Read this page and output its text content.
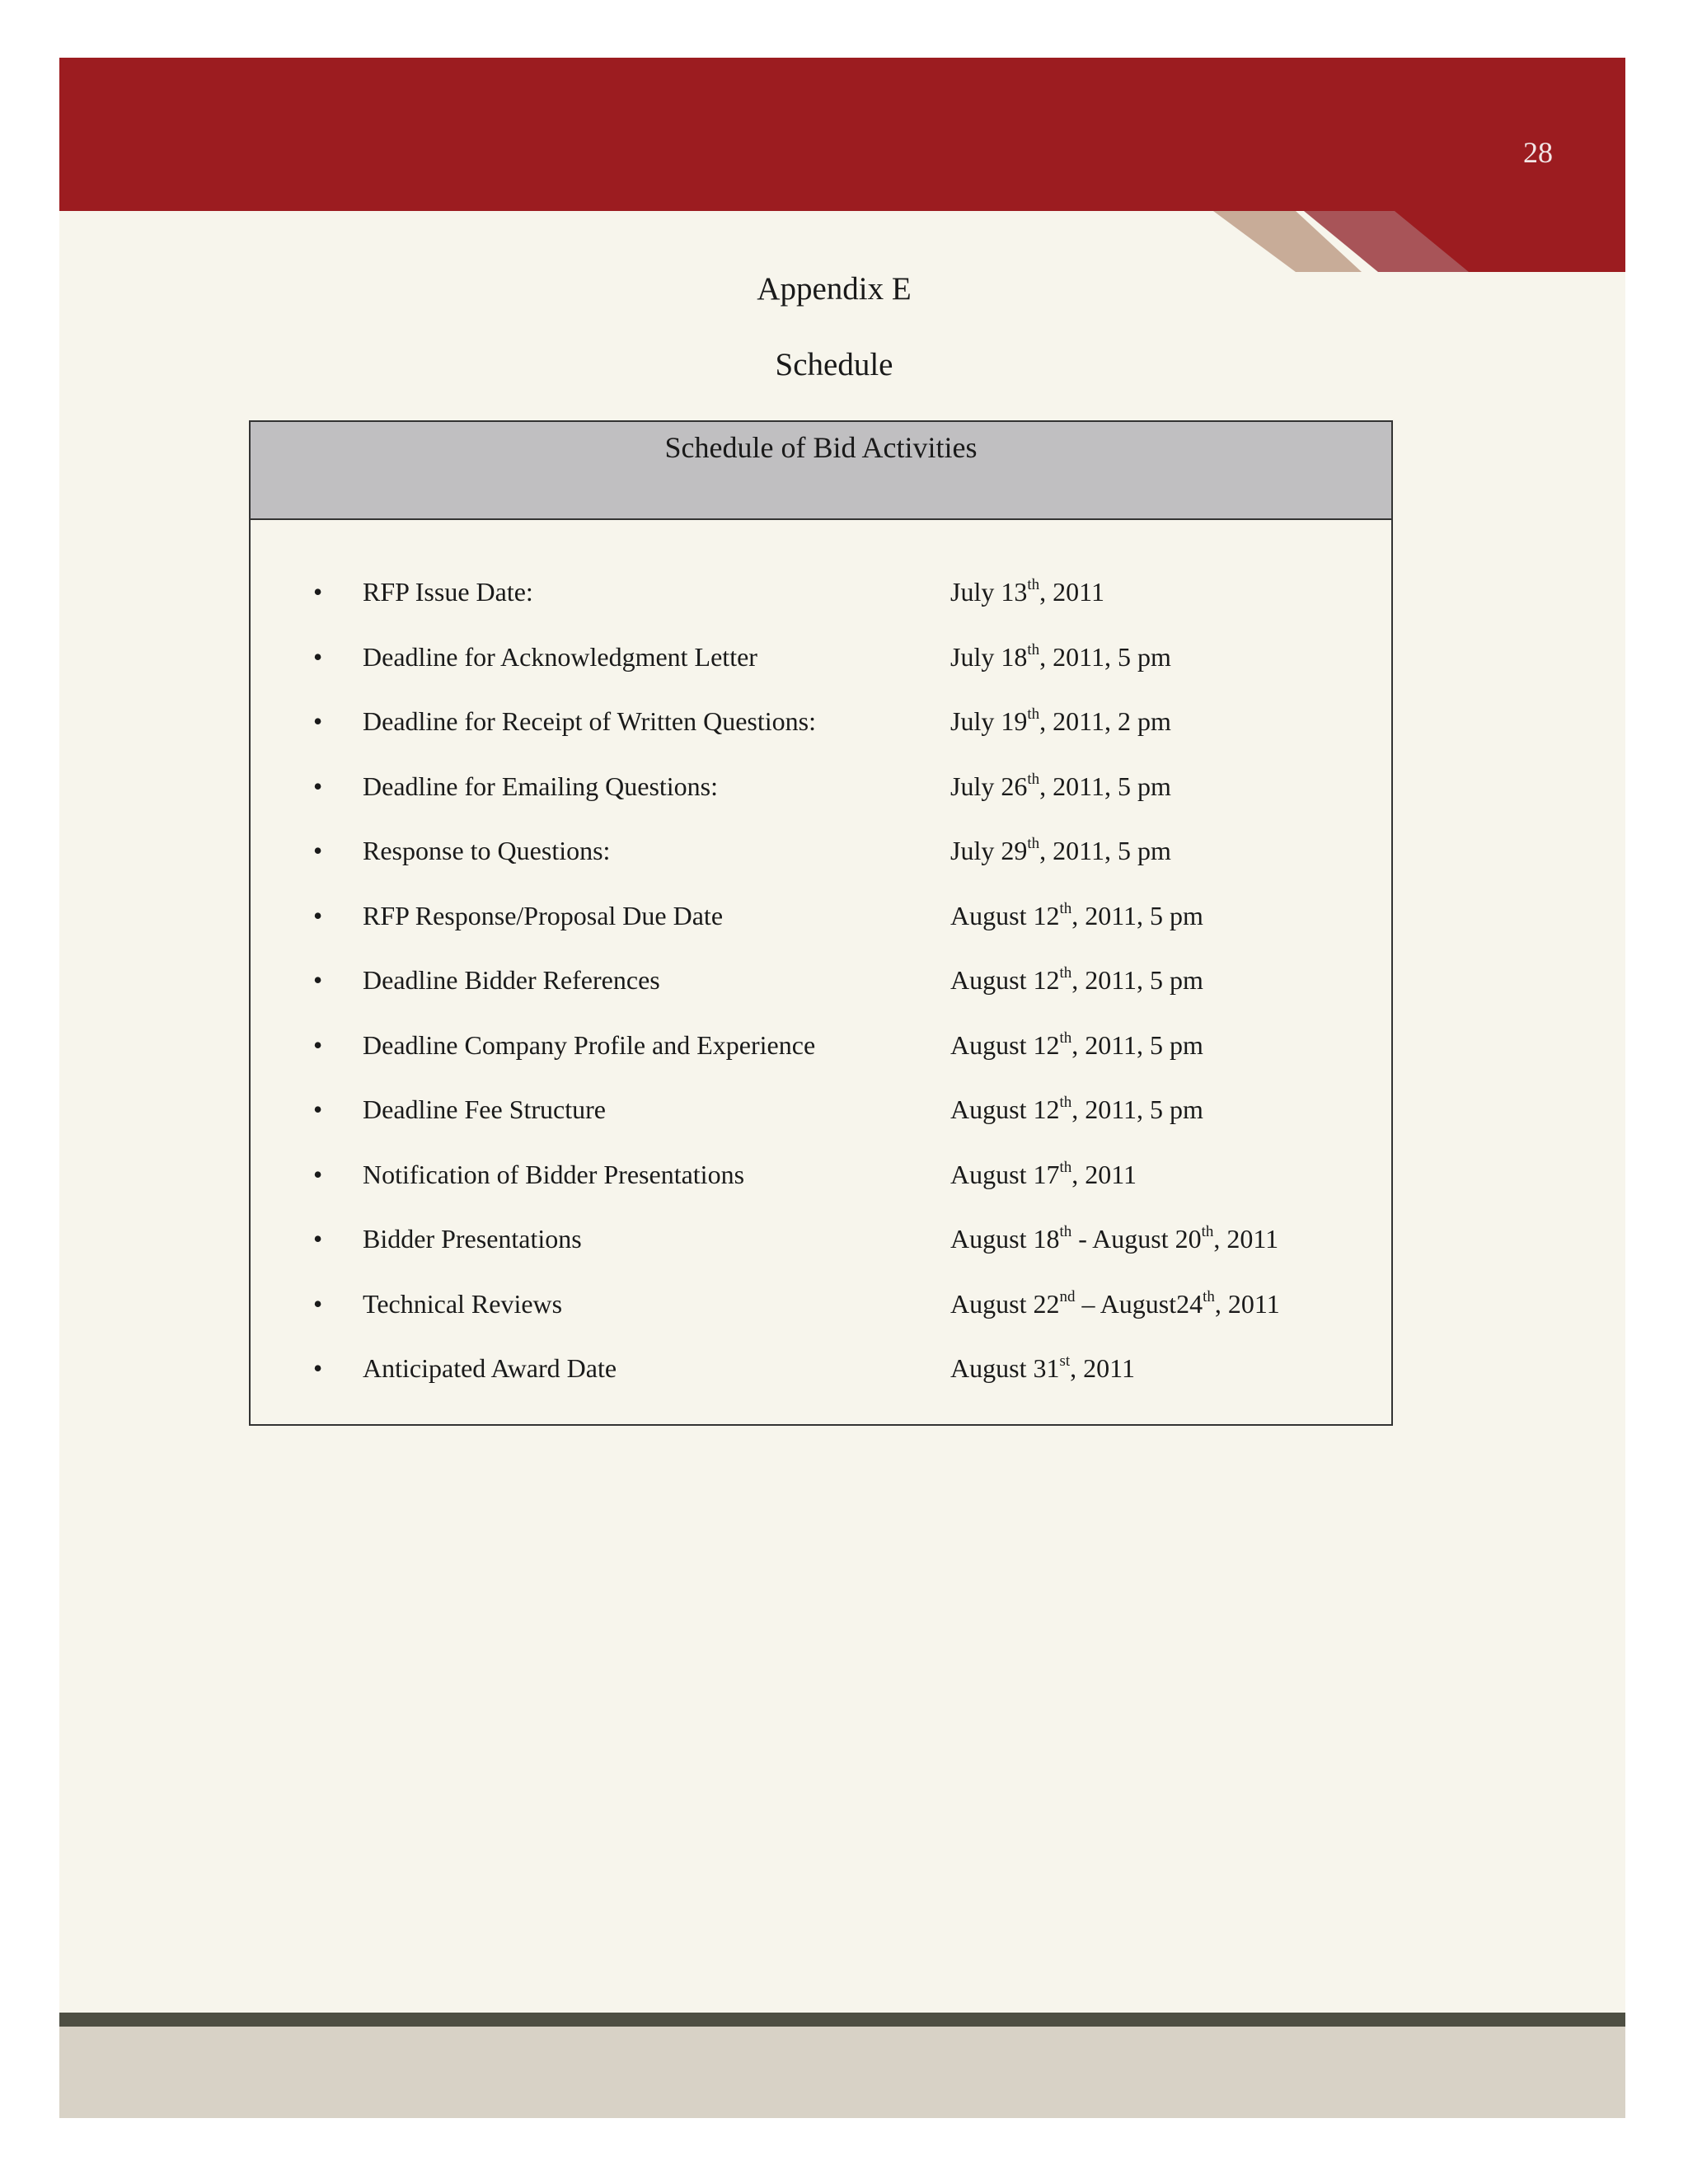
28
Appendix E
Schedule
Schedule of Bid Activities
• RFP Issue Date:	July 13th, 2011
• Deadline for Acknowledgment Letter	July 18th, 2011, 5 pm
• Deadline for Receipt of Written Questions:	July 19th, 2011, 2 pm
• Deadline for Emailing Questions:	July 26th, 2011, 5 pm
• Response to Questions:	July 29th, 2011, 5 pm
• RFP Response/Proposal Due Date	August 12th, 2011, 5 pm
• Deadline Bidder References	August 12th, 2011, 5 pm
• Deadline Company Profile and Experience	August 12th, 2011, 5 pm
• Deadline Fee Structure	August 12th, 2011, 5 pm
• Notification of Bidder Presentations	August 17th, 2011
• Bidder Presentations	August 18th - August 20th, 2011
• Technical Reviews	August 22nd – August24th, 2011
• Anticipated Award Date	August 31st, 2011
